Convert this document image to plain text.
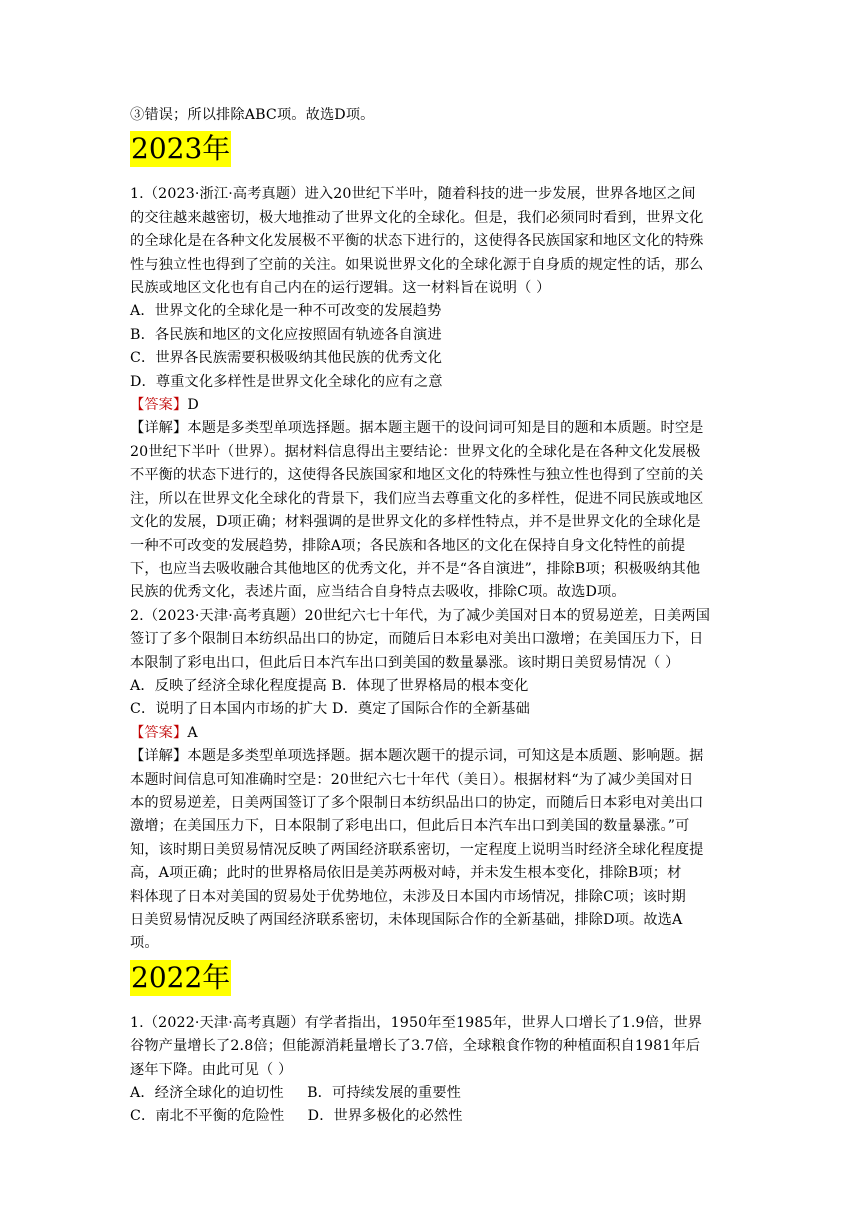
③错误；所以排除ABC项。故选D项。
2023年
1.（2023·浙江·高考真题）进入20世纪下半叶，随着科技的进一步发展，世界各地区之间
的交往越来越密切，极大地推动了世界文化的全球化。但是，我们必须同时看到，世界文化
的全球化是在各种文化发展极不平衡的状态下进行的，这使得各民族国家和地区文化的特殊
性与独立性也得到了空前的关注。如果说世界文化的全球化源于自身质的规定性的话，那么
民族或地区文化也有自己内在的运行逻辑。这一材料旨在说明（ ）
A．世界文化的全球化是一种不可改变的发展趋势
B．各民族和地区的文化应按照固有轨迹各自演进
C．世界各民族需要积极吸纳其他民族的优秀文化
D．尊重文化多样性是世界文化全球化的应有之意
【答案】D
【详解】本题是多类型单项选择题。据本题主题干的设问词可知是目的题和本质题。时空是
20世纪下半叶（世界）。据材料信息得出主要结论：世界文化的全球化是在各种文化发展极
不平衡的状态下进行的，这使得各民族国家和地区文化的特殊性与独立性也得到了空前的关
注，所以在世界文化全球化的背景下，我们应当去尊重文化的多样性，促进不同民族或地区
文化的发展，D项正确；材料强调的是世界文化的多样性特点，并不是世界文化的全球化是
一种不可改变的发展趋势，排除A项；各民族和各地区的文化在保持自身文化特性的前提
下，也应当去吸收融合其他地区的优秀文化，并不是“各自演进”，排除B项；积极吸纳其他
民族的优秀文化，表述片面，应当结合自身特点去吸收，排除C项。故选D项。
2.（2023·天津·高考真题）20世纪六七十年代，为了减少美国对日本的贸易逆差，日美两国
签订了多个限制日本纺织品出口的协定，而随后日本彩电对美出口激增；在美国压力下，日
本限制了彩电出口，但此后日本汽车出口到美国的数量暴涨。该时期日美贸易情况（ ）
A．反映了经济全球化程度提高 B．体现了世界格局的根本变化
C．说明了日本国内市场的扩大 D．奠定了国际合作的全新基础
【答案】A
【详解】本题是多类型单项选择题。据本题次题干的提示词，可知这是本质题、影响题。据
本题时间信息可知准确时空是：20世纪六七十年代（美日）。根据材料“为了减少美国对日
本的贸易逆差，日美两国签订了多个限制日本纺织品出口的协定，而随后日本彩电对美出口
激增；在美国压力下，日本限制了彩电出口，但此后日本汽车出口到美国的数量暴涨。”可
知，该时期日美贸易情况反映了两国经济联系密切，一定程度上说明当时经济全球化程度提
高，A项正确；此时的世界格局依旧是美苏两极对峙，并未发生根本变化，排除B项；材
料体现了日本对美国的贸易处于优势地位，未涉及日本国内市场情况，排除C项；该时期
日美贸易情况反映了两国经济联系密切，未体现国际合作的全新基础，排除D项。故选A
项。
2022年
1.（2022·天津·高考真题）有学者指出，1950年至1985年，世界人口增长了1.9倍，世界
谷物产量增长了2.8倍；但能源消耗量增长了3.7倍，全球粮食作物的种植面积自1981年后
逐年下降。由此可见（ ）
A．经济全球化的迫切性     B．可持续发展的重要性
C．南北不平衡的危险性     D．世界多极化的必然性
